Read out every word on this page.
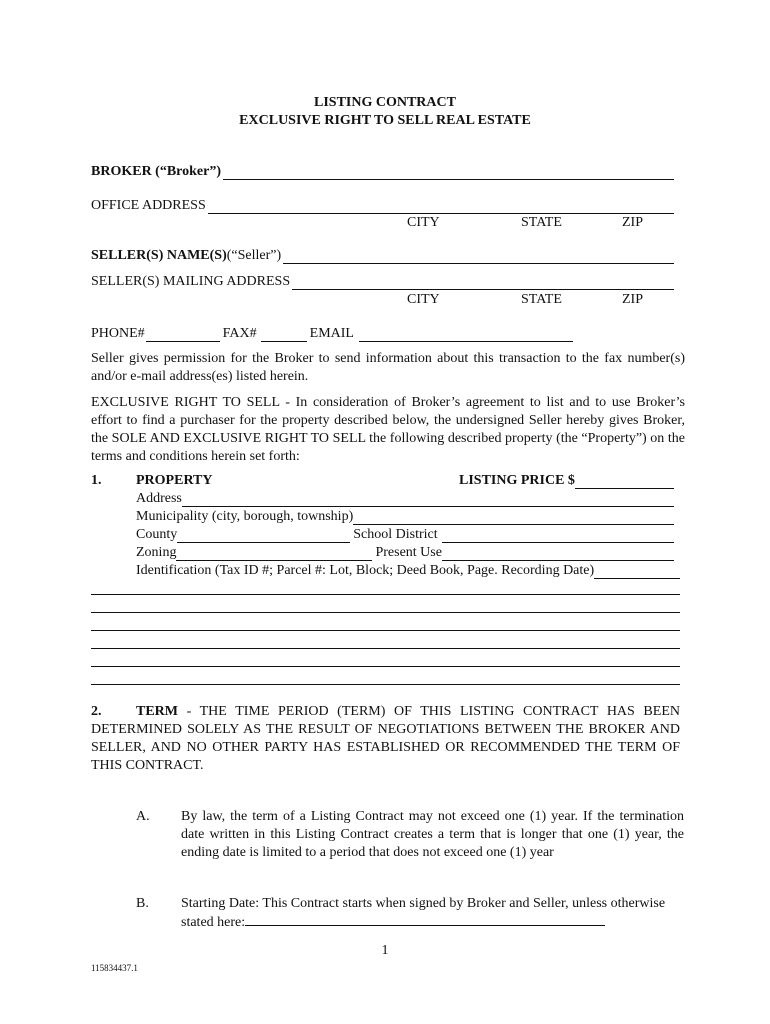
LISTING CONTRACT
EXCLUSIVE RIGHT TO SELL REAL ESTATE
BROKER (“Broker”)
OFFICE ADDRESS
CITY	STATE	ZIP
SELLER(S) NAME(S) (“Seller”)
SELLER(S) MAILING ADDRESS
CITY	STATE	ZIP
PHONE#	FAX#	EMAIL
Seller gives permission for the Broker to send information about this transaction to the fax number(s) and/or e-mail address(es) listed herein.
EXCLUSIVE RIGHT TO SELL - In consideration of Broker’s agreement to list and to use Broker’s effort to find a purchaser for the property described below, the undersigned Seller hereby gives Broker, the SOLE AND EXCLUSIVE RIGHT TO SELL the following described property (the “Property”) on the terms and conditions herein set forth:
1. PROPERTY	LISTING PRICE $
Address
Municipality (city, borough, township)
County	School District
Zoning	Present Use
Identification (Tax ID #; Parcel #: Lot, Block; Deed Book, Page. Recording Date)
2. TERM - THE TIME PERIOD (TERM) OF THIS LISTING CONTRACT HAS BEEN DETERMINED SOLELY AS THE RESULT OF NEGOTIATIONS BETWEEN THE BROKER AND SELLER, AND NO OTHER PARTY HAS ESTABLISHED OR RECOMMENDED THE TERM OF THIS CONTRACT.
A. By law, the term of a Listing Contract may not exceed one (1) year. If the termination date written in this Listing Contract creates a term that is longer that one (1) year, the ending date is limited to a period that does not exceed one (1) year
B. Starting Date: This Contract starts when signed by Broker and Seller, unless otherwise stated here:
1
115834437.1
